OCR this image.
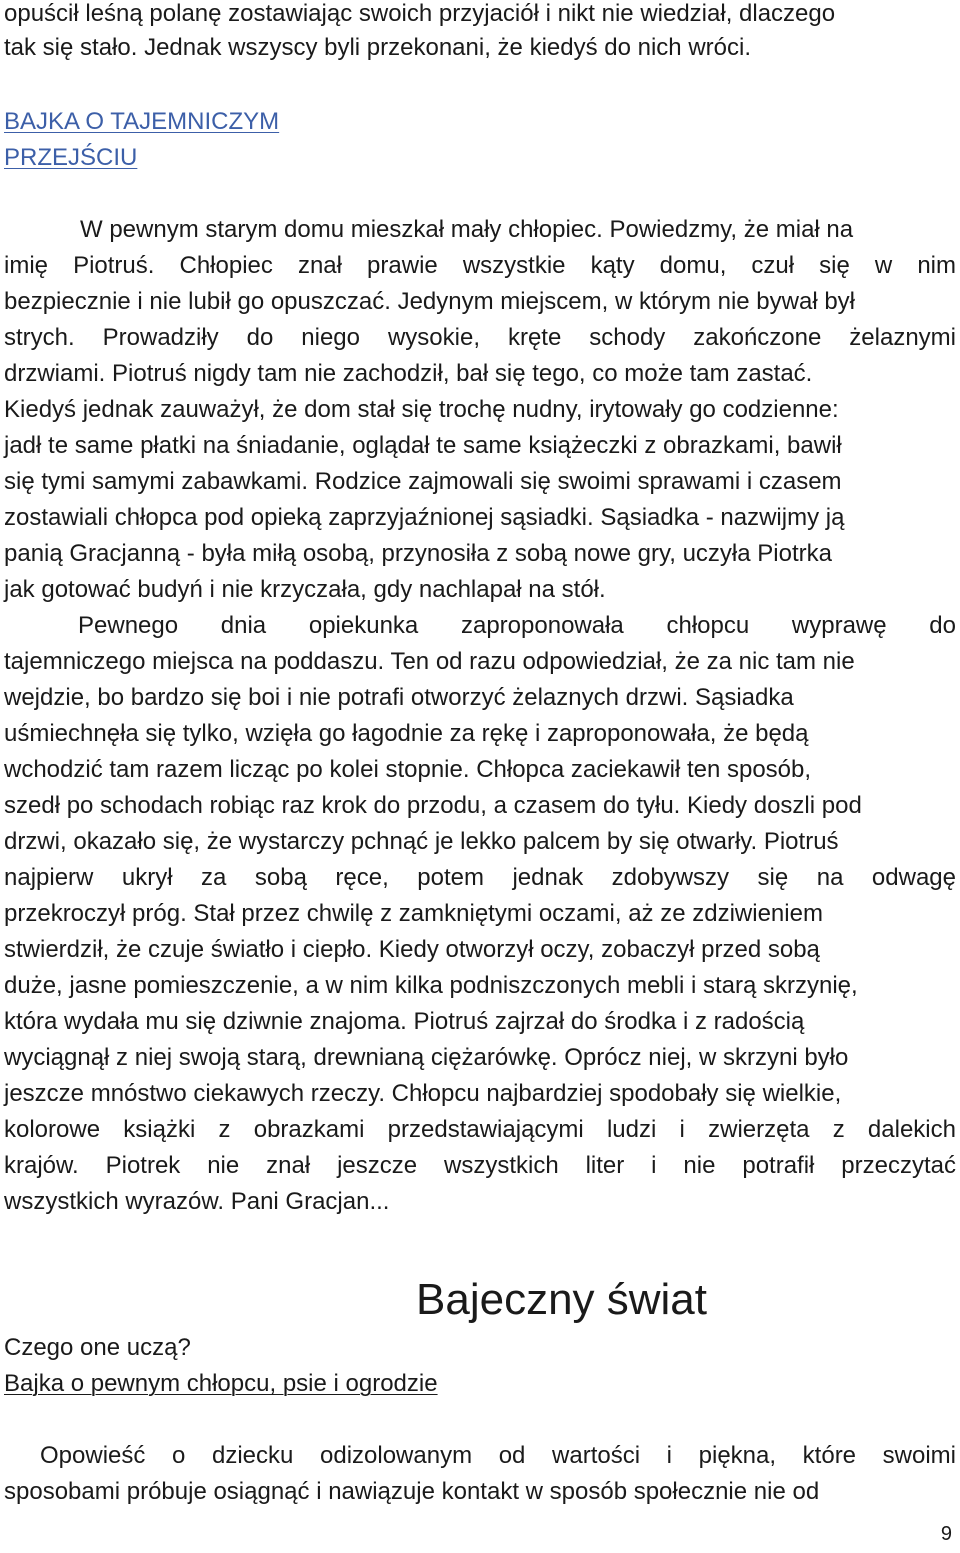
opuścił leśną polanę zostawiając swoich przyjaciół i nikt nie wiedział, dlaczego
tak się stało. Jednak wszyscy byli przekonani, że kiedyś do nich wróci.
BAJKA O TAJEMNICZYM
PRZEJŚCIU
W pewnym starym domu mieszkał mały chłopiec. Powiedzmy, że miał na
imię Piotruś. Chłopiec znał prawie wszystkie kąty domu, czuł się w nim
bezpiecznie i nie lubił go opuszczać. Jedynym miejscem, w którym nie bywał był
strych. Prowadziły do niego wysokie, kręte schody zakończone żelaznymi
drzwiami. Piotruś nigdy tam nie zachodził, bał się tego, co może tam zastać.
Kiedyś jednak zauważył, że dom stał się trochę nudny, irytowały go codzienne:
jadł te same płatki na śniadanie, oglądał te same książeczki z obrazkami, bawił
się tymi samymi zabawkami. Rodzice zajmowali się swoimi sprawami i czasem
zostawiali chłopca pod opieką zaprzyjaźnionej sąsiadki. Sąsiadka - nazwijmy ją
panią Gracjanną - była miłą osobą, przynosiła z sobą nowe gry, uczyła Piotrka
jak gotować budyń i nie krzyczała, gdy nachlapał na stół.
Pewnego dnia opiekunka zaproponowała chłopcu wyprawę do
tajemniczego miejsca na poddaszu. Ten od razu odpowiedział, że za nic tam nie
wejdzie, bo bardzo się boi i nie potrafi otworzyć żelaznych drzwi. Sąsiadka
uśmiechnęła się tylko, wzięła go łagodnie za rękę i zaproponowała, że będą
wchodzić tam razem licząc po kolei stopnie. Chłopca zaciekawił ten sposób,
szedł po schodach robiąc raz krok do przodu, a czasem do tyłu. Kiedy doszli pod
drzwi, okazało się, że wystarczy pchnąć je lekko palcem by się otwarły. Piotruś
najpierw ukrył za sobą ręce, potem jednak zdobywszy się na odwagę
przekroczył próg. Stał przez chwilę z zamkniętymi oczami, aż ze zdziwieniem
stwierdził, że czuje światło i ciepło. Kiedy otworzył oczy, zobaczył przed sobą
duże, jasne pomieszczenie, a w nim kilka podniszczonych mebli i starą skrzynię,
która wydała mu się dziwnie znajoma. Piotruś zajrzał do środka i z radością
wyciągnął z niej swoją starą, drewnianą ciężarówkę. Oprócz niej, w skrzyni było
jeszcze mnóstwo ciekawych rzeczy. Chłopcu najbardziej spodobały się wielkie,
kolorowe książki z obrazkami przedstawiającymi ludzi i zwierzęta z dalekich
krajów. Piotrek nie znał jeszcze wszystkich liter i nie potrafił przeczytać
wszystkich wyrazów. Pani Gracjan...
Bajeczny świat
Czego one uczą?
Bajka o pewnym chłopcu, psie i ogrodzie
Opowieść o dziecku odizolowanym od wartości i piękna, które swoimi
sposobami próbuje osiągnąć i nawiązuje kontakt w sposób społecznie nie od
9
